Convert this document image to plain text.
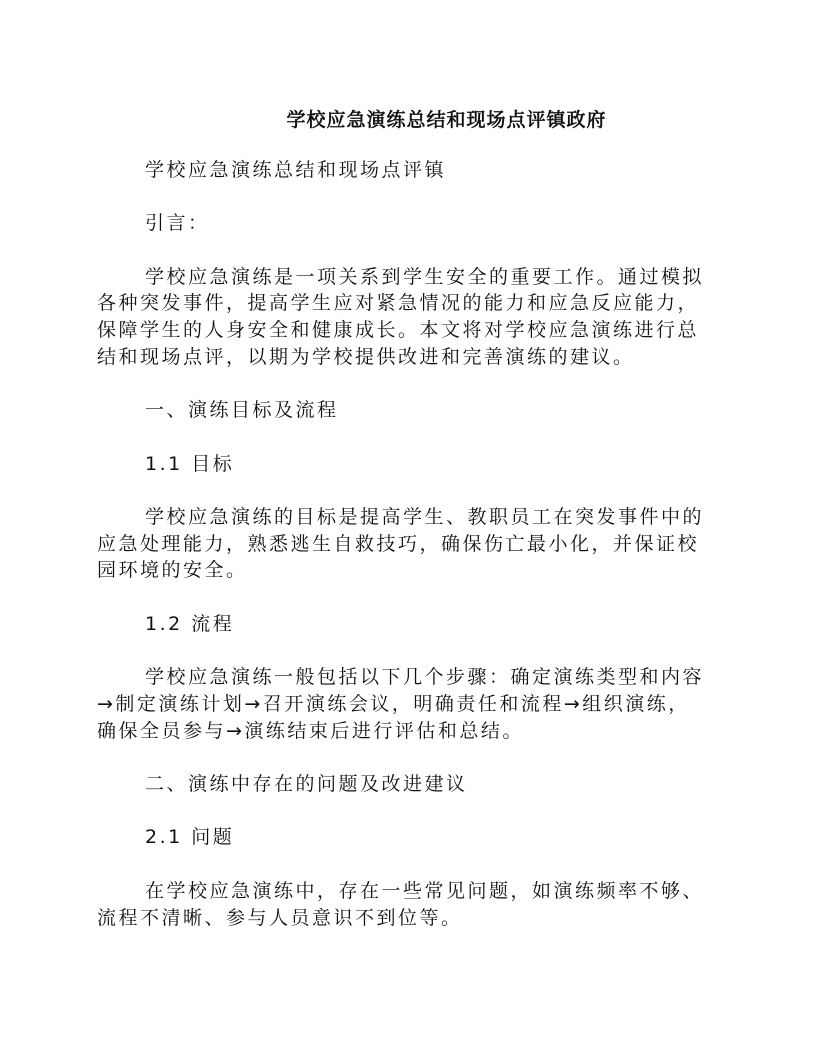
学校应急演练总结和现场点评镇政府
学校应急演练总结和现场点评镇
引言：
学校应急演练是一项关系到学生安全的重要工作。通过模拟
各种突发事件，提高学生应对紧急情况的能力和应急反应能力，
保障学生的人身安全和健康成长。本文将对学校应急演练进行总
结和现场点评，以期为学校提供改进和完善演练的建议。
一、演练目标及流程
1.1 目标
学校应急演练的目标是提高学生、教职员工在突发事件中的
应急处理能力，熟悉逃生自救技巧，确保伤亡最小化，并保证校
园环境的安全。
1.2 流程
学校应急演练一般包括以下几个步骤：确定演练类型和内容
→制定演练计划→召开演练会议，明确责任和流程→组织演练，
确保全员参与→演练结束后进行评估和总结。
二、演练中存在的问题及改进建议
2.1 问题
在学校应急演练中，存在一些常见问题，如演练频率不够、
流程不清晰、参与人员意识不到位等。
